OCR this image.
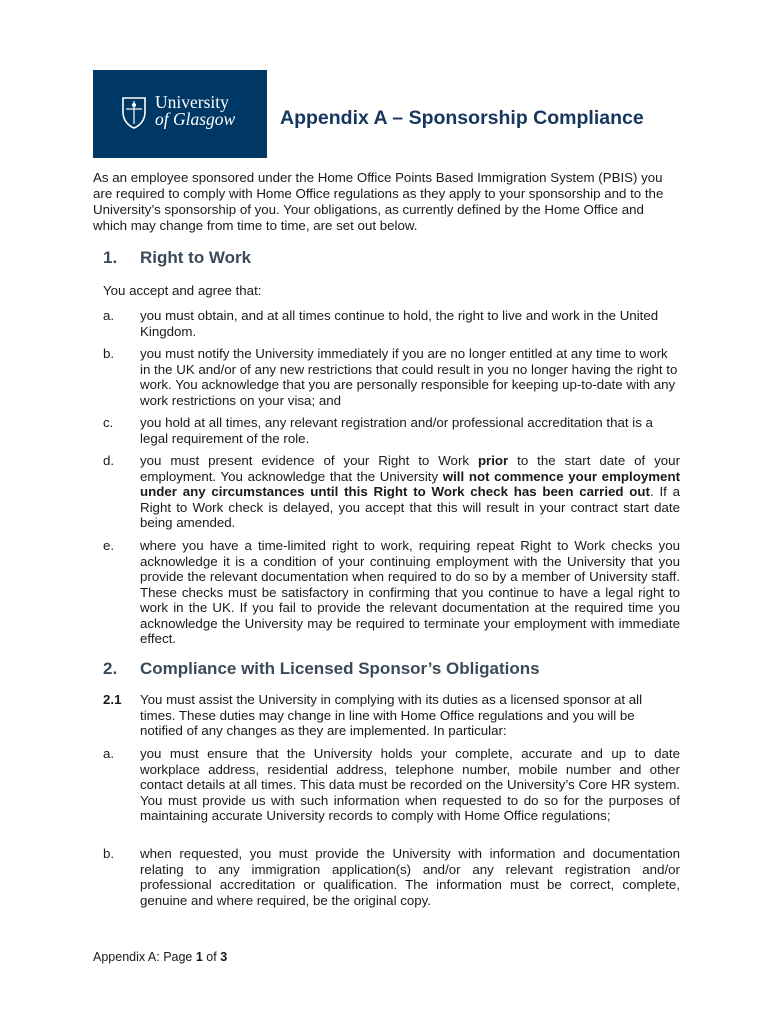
University
of Glasgow Appendix A – Sponsorship Compliance
As an employee sponsored under the Home Office Points Based Immigration System (PBIS) you are required to comply with Home Office regulations as they apply to your sponsorship and to the University’s sponsorship of you. Your obligations, as currently defined by the Home Office and which may change from time to time, are set out below.
1. Right to Work
You accept and agree that:
a. you must obtain, and at all times continue to hold, the right to live and work in the United Kingdom.
b. you must notify the University immediately if you are no longer entitled at any time to work in the UK and/or of any new restrictions that could result in you no longer having the right to work. You acknowledge that you are personally responsible for keeping up-to-date with any work restrictions on your visa; and
c. you hold at all times, any relevant registration and/or professional accreditation that is a legal requirement of the role.
d. you must present evidence of your Right to Work prior to the start date of your employment. You acknowledge that the University will not commence your employment under any circumstances until this Right to Work check has been carried out. If a Right to Work check is delayed, you accept that this will result in your contract start date being amended.
e. where you have a time-limited right to work, requiring repeat Right to Work checks you acknowledge it is a condition of your continuing employment with the University that you provide the relevant documentation when required to do so by a member of University staff. These checks must be satisfactory in confirming that you continue to have a legal right to work in the UK. If you fail to provide the relevant documentation at the required time you acknowledge the University may be required to terminate your employment with immediate effect.
2. Compliance with Licensed Sponsor’s Obligations
2.1 You must assist the University in complying with its duties as a licensed sponsor at all times. These duties may change in line with Home Office regulations and you will be notified of any changes as they are implemented. In particular:
a. you must ensure that the University holds your complete, accurate and up to date workplace address, residential address, telephone number, mobile number and other contact details at all times. This data must be recorded on the University’s Core HR system. You must provide us with such information when requested to do so for the purposes of maintaining accurate University records to comply with Home Office regulations;
b. when requested, you must provide the University with information and documentation relating to any immigration application(s) and/or any relevant registration and/or professional accreditation or qualification. The information must be correct, complete, genuine and where required, be the original copy.
Appendix A: Page 1 of 3
